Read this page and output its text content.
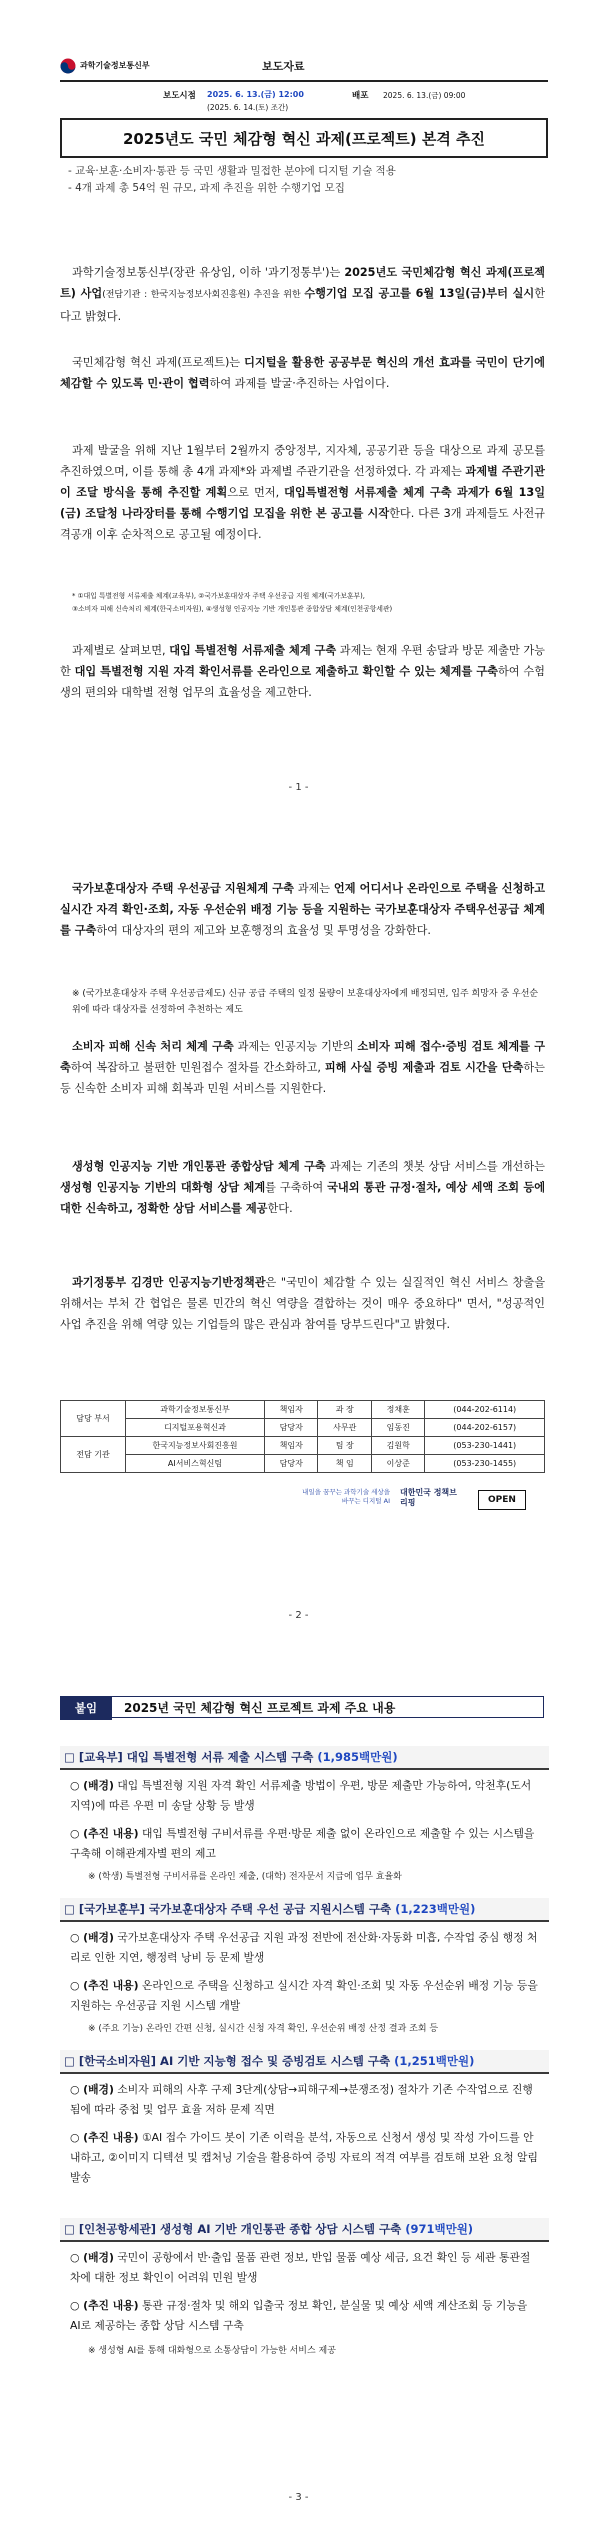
과학기술정보통신부	보도자료
보도시점 2025. 6. 13.(금) 12:00
(2025. 6. 14.(토) 조간)
배포 2025. 6. 13.(금) 09:00
2025년도 국민 체감형 혁신 과제(프로젝트) 본격 추진
- 교육·보훈·소비자·통관 등 국민 생활과 밀접한 분야에 디지털 기술 적용
- 4개 과제 총 54억 원 규모, 과제 추진을 위한 수행기업 모집
과학기술정보통신부(장관 유상임, 이하 '과기정통부')는 2025년도 국민체감형 혁신 과제(프로젝트) 사업(전담기관 : 한국지능정보사회진흥원) 추진을 위한 수행기업 모집 공고를 6월 13일(금)부터 실시한다고 밝혔다.
국민체감형 혁신 과제(프로젝트)는 디지털을 활용한 공공부문 혁신의 개선 효과를 국민이 단기에 체감할 수 있도록 민·관이 협력하여 과제를 발굴·추진하는 사업이다.
과제 발굴을 위해 지난 1월부터 2월까지 중앙정부, 지자체, 공공기관 등을 대상으로 과제 공모를 추진하였으며, 이를 통해 총 4개 과제*와 과제별 주관기관을 선정하였다. 각 과제는 과제별 주관기관이 조달 방식을 통해 추진할 계획으로 먼저, 대입특별전형 서류제출 체계 구축 과제가 6월 13일(금) 조달청 나라장터를 통해 수행기업 모집을 위한 본 공고를 시작한다. 다른 3개 과제들도 사전규격공개 이후 순차적으로 공고될 예정이다.
* ①대입 특별전형 서류제출 체계(교육부), ②국가보훈대상자 주택 우선공급 지원 체계(국가보훈부),
③소비자 피해 신속처리 체계(한국소비자원), ④생성형 인공지능 기반 개인통관 종합상담 체계(인천공항세관)
과제별로 살펴보면, 대입 특별전형 서류제출 체계 구축 과제는 현재 우편 송달과 방문 제출만 가능한 대입 특별전형 지원 자격 확인서류를 온라인으로 제출하고 확인할 수 있는 체계를 구축하여 수험생의 편의와 대학별 전형 업무의 효율성을 제고한다.
- 1 -
국가보훈대상자 주택 우선공급 지원체계 구축 과제는 언제 어디서나 온라인으로 주택을 신청하고 실시간 자격 확인·조회, 자동 우선순위 배정 기능 등을 지원하는 국가보훈대상자 주택우선공급 체계를 구축하여 대상자의 편의 제고와 보훈행정의 효율성 및 투명성을 강화한다.
※ (국가보훈대상자 주택 우선공급제도) 신규 공급 주택의 일정 물량이 보훈대상자에게 배정되면, 입주 희망자 중 우선순위에 따라 대상자를 선정하여 추천하는 제도
소비자 피해 신속 처리 체계 구축 과제는 인공지능 기반의 소비자 피해 접수·증빙 검토 체계를 구축하여 복잡하고 불편한 민원접수 절차를 간소화하고, 피해 사실 증빙 제출과 검토 시간을 단축하는 등 신속한 소비자 피해 회복과 민원 서비스를 지원한다.
생성형 인공지능 기반 개인통관 종합상담 체계 구축 과제는 기존의 챗봇 상담 서비스를 개선하는 생성형 인공지능 기반의 대화형 상담 체계를 구축하여 국내외 통관 규정·절차, 예상 세액 조회 등에 대한 신속하고, 정확한 상담 서비스를 제공한다.
과기정통부 김경만 인공지능기반정책관은 "국민이 체감할 수 있는 실질적인 혁신 서비스 창출을 위해서는 부처 간 협업은 물론 민간의 혁신 역량을 결합하는 것이 매우 중요하다" 면서, "성공적인 사업 추진을 위해 역량 있는 기업들의 많은 관심과 참여를 당부드린다"고 밝혔다.
담당 부서	과학기술정보통신부	책임자	과 장	정채훈	(044-202-6114)
	디지털포용혁신과	담당자	사무관	임동진	(044-202-6157)
전담 기관	한국지능정보사회진흥원	책임자	팀 장	김원학	(053-230-1441)
	AI서비스혁신팀	담당자	책 임	이상준	(053-230-1455)
내일을 꿈꾸는 과학기술 세상을 바꾸는 디지털 AI
대한민국 정책브리핑	OPEN
- 2 -
붙임	2025년 국민 체감형 혁신 프로젝트 과제 주요 내용
□ [교육부] 대입 특별전형 서류 제출 시스템 구축 (1,985백만원)
○ (배경) 대입 특별전형 지원 자격 확인 서류제출 방법이 우편, 방문 제출만 가능하여, 악천후(도서지역)에 따른 우편 미 송달 상황 등 발생
○ (추진 내용) 대입 특별전형 구비서류를 우편·방문 제출 없이 온라인으로 제출할 수 있는 시스템을 구축해 이해관계자별 편의 제고
※ (학생) 특별전형 구비서류를 온라인 제출, (대학) 전자문서 지급에 업무 효율화
□ [국가보훈부] 국가보훈대상자 주택 우선 공급 지원시스템 구축 (1,223백만원)
○ (배경) 국가보훈대상자 주택 우선공급 지원 과정 전반에 전산화·자동화 미흡, 수작업 중심 행정 처리로 인한 지연, 행정력 낭비 등 문제 발생
○ (추진 내용) 온라인으로 주택을 신청하고 실시간 자격 확인·조회 및 자동 우선순위 배정 기능 등을 지원하는 우선공급 지원 시스템 개발
※ (주요 기능) 온라인 간편 신청, 실시간 신청 자격 확인, 우선순위 배정 산정 결과 조회 등
□ [한국소비자원] AI 기반 지능형 접수 및 증빙검토 시스템 구축 (1,251백만원)
○ (배경) 소비자 피해의 사후 구제 3단계(상담→피해구제→분쟁조정) 절차가 기존 수작업으로 진행됨에 따라 중첩 및 업무 효율 저하 문제 직면
○ (추진 내용) ①AI 접수 가이드 봇이 기존 이력을 분석, 자동으로 신청서 생성 및 작성 가이드를 안내하고, ②이미지 디텍션 및 캡처닝 기술을 활용하여 증빙 자료의 적격 여부를 검토해 보완 요청 알림 발송
□ [인천공항세관] 생성형 AI 기반 개인통관 종합 상담 시스템 구축 (971백만원)
○ (배경) 국민이 공항에서 반·출입 물품 관련 정보, 반입 물품 예상 세금, 요건 확인 등 세관 통관절차에 대한 정보 확인이 어려워 민원 발생
○ (추진 내용) 통관 규정·절차 및 해외 입출국 정보 확인, 분실물 및 예상 세액 계산조회 등 기능을 AI로 제공하는 종합 상담 시스템 구축
※ 생성형 AI를 통해 대화형으로 소통상담이 가능한 서비스 제공
- 3 -
